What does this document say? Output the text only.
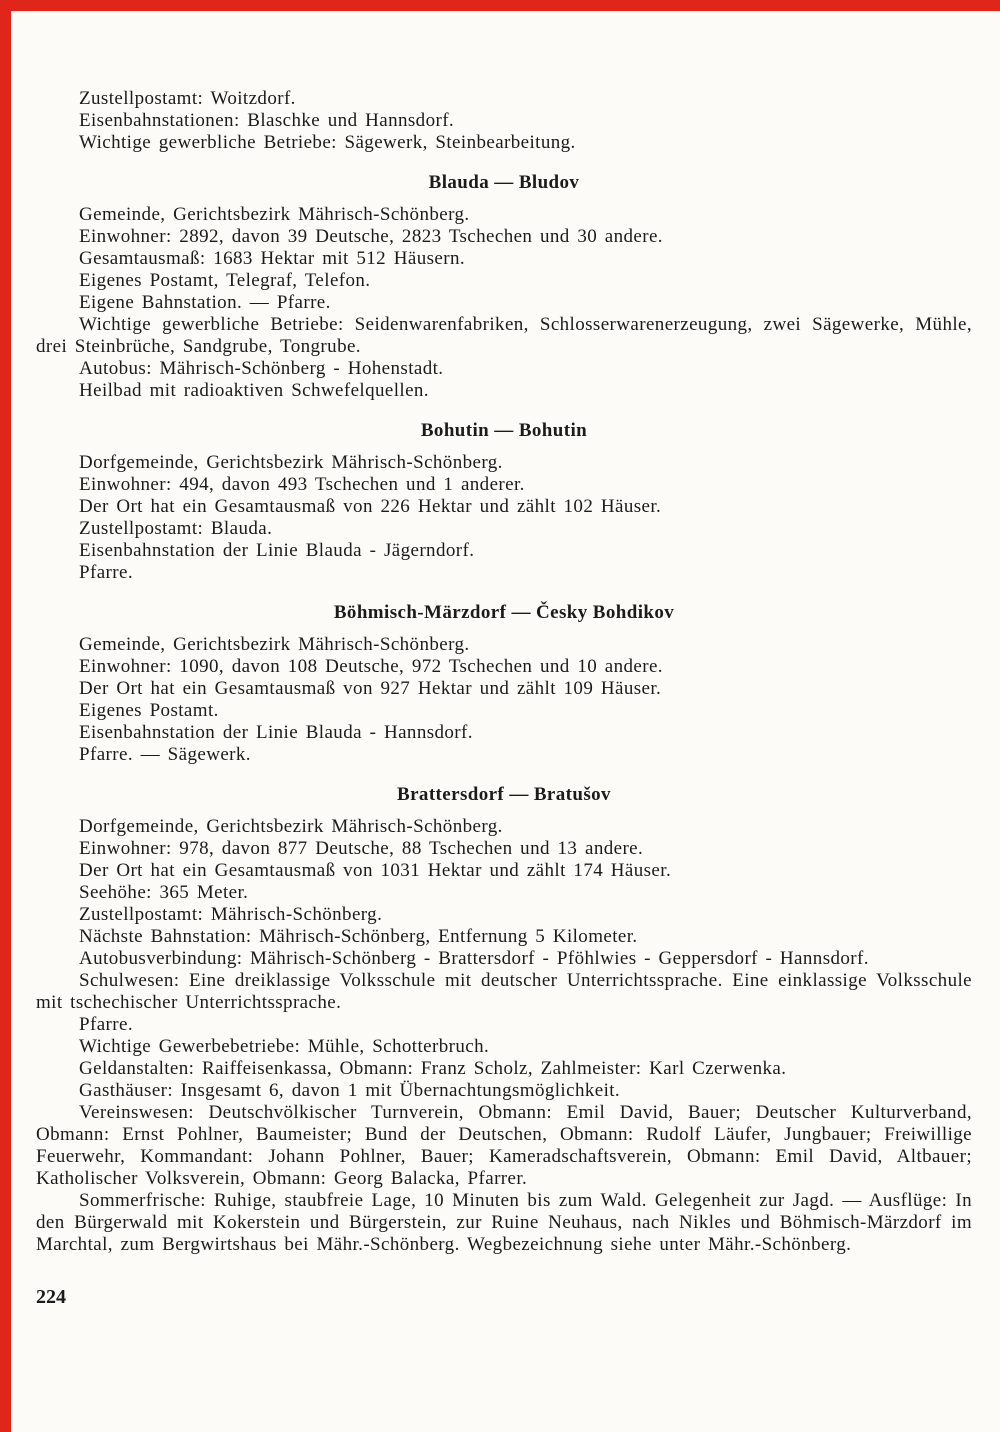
Zustellpostamt: Woitzdorf.

Eisenbahnstationen: Blaschke und Hannsdorf.

Wichtige gewerbliche Betriebe: Sägewerk, Steinbearbeitung.

Blauda — Bludov

Gemeinde, Gerichtsbezirk Mährisch-Schönberg.

Einwohner: 2892, davon 39 Deutsche, 2823 Tschechen und 30 andere.

Gesamtausmaß: 1683 Hektar mit 512 Häusern.

Eigenes Postamt, Telegraf, Telefon.

Eigene Bahnstation. — Pfarre.

Wichtige gewerbliche Betriebe: Seidenwarenfabriken, Schlosserwarenerzeugung, zwei Sägewerke, Mühle, drei Steinbrüche, Sandgrube, Tongrube.

Autobus: Mährisch-Schönberg - Hohenstadt.

Heilbad mit radioaktiven Schwefelquellen.

Bohutin — Bohutin

Dorfgemeinde, Gerichtsbezirk Mährisch-Schönberg.

Einwohner: 494, davon 493 Tschechen und 1 anderer.

Der Ort hat ein Gesamtausmaß von 226 Hektar und zählt 102 Häuser.

Zustellpostamt: Blauda.

Eisenbahnstation der Linie Blauda - Jägerndorf.

Pfarre.

Böhmisch-Märzdorf — Česky Bohdikov

Gemeinde, Gerichtsbezirk Mährisch-Schönberg.

Einwohner: 1090, davon 108 Deutsche, 972 Tschechen und 10 andere.

Der Ort hat ein Gesamtausmaß von 927 Hektar und zählt 109 Häuser.

Eigenes Postamt.

Eisenbahnstation der Linie Blauda - Hannsdorf.

Pfarre. — Sägewerk.

Brattersdorf — Bratušov

Dorfgemeinde, Gerichtsbezirk Mährisch-Schönberg.

Einwohner: 978, davon 877 Deutsche, 88 Tschechen und 13 andere.

Der Ort hat ein Gesamtausmaß von 1031 Hektar und zählt 174 Häuser.

Seehöhe: 365 Meter.

Zustellpostamt: Mährisch-Schönberg.

Nächste Bahnstation: Mährisch-Schönberg, Entfernung 5 Kilometer.

Autobusverbindung: Mährisch-Schönberg - Brattersdorf - Pföhlwies - Geppersdorf - Hannsdorf.

Schulwesen: Eine dreiklassige Volksschule mit deutscher Unterrichtssprache. Eine einklassige Volksschule mit tschechischer Unterrichtssprache.

Pfarre.

Wichtige Gewerbebetriebe: Mühle, Schotterbruch.

Geldanstalten: Raiffeisenkassa, Obmann: Franz Scholz, Zahlmeister: Karl Czerwenka.

Gasthäuser: Insgesamt 6, davon 1 mit Übernachtungsmöglichkeit.

Vereinswesen: Deutschvölkischer Turnverein, Obmann: Emil David, Bauer; Deutscher Kulturverband, Obmann: Ernst Pohlner, Baumeister; Bund der Deutschen, Obmann: Rudolf Läufer, Jungbauer; Freiwillige Feuerwehr, Kommandant: Johann Pohlner, Bauer; Kameradschaftsverein, Obmann: Emil David, Altbauer; Katholischer Volksverein, Obmann: Georg Balacka, Pfarrer.

Sommerfrische: Ruhige, staubfreie Lage, 10 Minuten bis zum Wald. Gelegenheit zur Jagd. — Ausflüge: In den Bürgerwald mit Kokerstein und Bürgerstein, zur Ruine Neuhaus, nach Nikles und Böhmisch-Märzdorf im Marchtal, zum Bergwirtshaus bei Mähr.-Schönberg. Wegbezeichnung siehe unter Mähr.-Schönberg.

224
